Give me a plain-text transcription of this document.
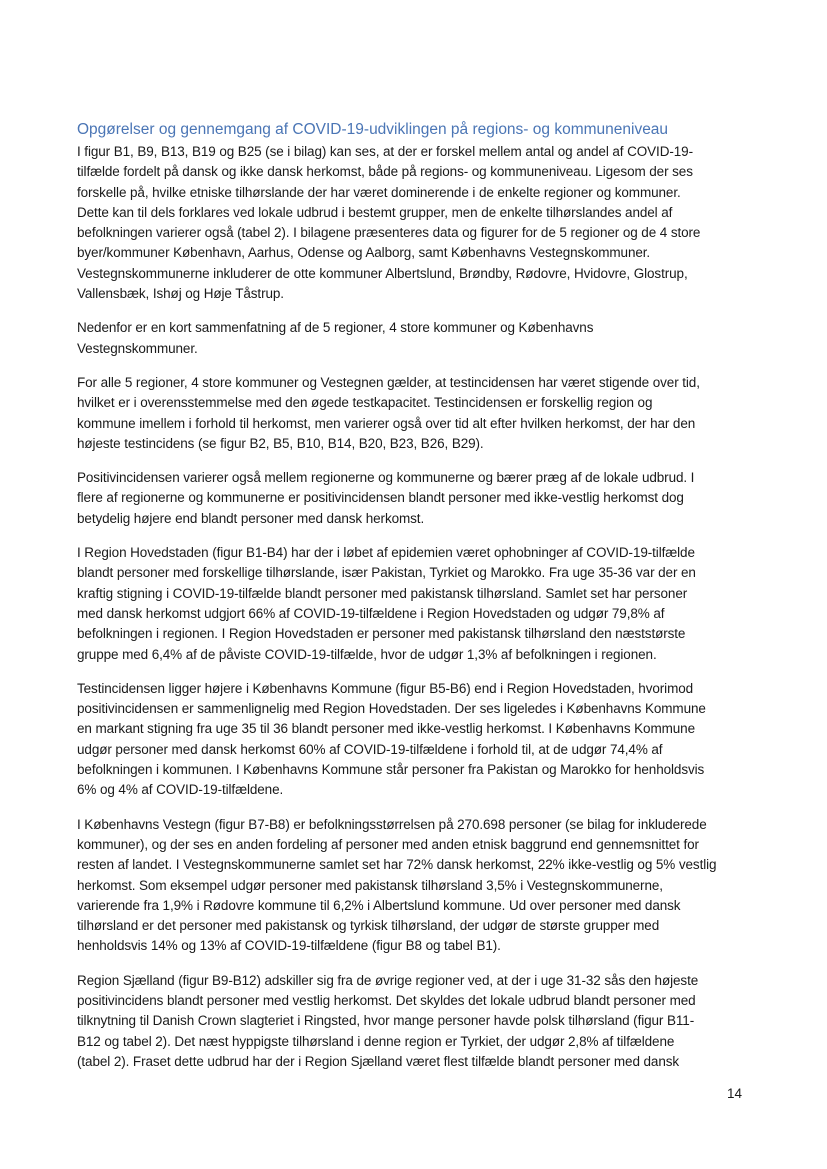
Opgørelser og gennemgang af COVID-19-udviklingen på regions- og kommuneniveau

I figur B1, B9, B13, B19 og B25 (se i bilag) kan ses, at der er forskel mellem antal og andel af COVID-19-
tilfælde fordelt på dansk og ikke dansk herkomst, både på regions- og kommuneniveau. Ligesom der ses
forskelle på, hvilke etniske tilhørslande der har været dominerende i de enkelte regioner og kommuner.
Dette kan til dels forklares ved lokale udbrud i bestemt grupper, men de enkelte tilhørslandes andel af
befolkningen varierer også (tabel 2). I bilagene præsenteres data og figurer for de 5 regioner og de 4 store
byer/kommuner København, Aarhus, Odense og Aalborg, samt Københavns Vestegnskommuner.
Vestegnskommunerne inkluderer de otte kommuner Albertslund, Brøndby, Rødovre, Hvidovre, Glostrup,
Vallensbæk, Ishøj og Høje Tåstrup.

Nedenfor er en kort sammenfatning af de 5 regioner, 4 store kommuner og Københavns
Vestegnskommuner.

For alle 5 regioner, 4 store kommuner og Vestegnen gælder, at testincidensen har været stigende over tid,
hvilket er i overensstemmelse med den øgede testkapacitet. Testincidensen er forskellig region og
kommune imellem i forhold til herkomst, men varierer også over tid alt efter hvilken herkomst, der har den
højeste testincidens (se figur B2, B5, B10, B14, B20, B23, B26, B29).

Positivincidensen varierer også mellem regionerne og kommunerne og bærer præg af de lokale udbrud. I
flere af regionerne og kommunerne er positivincidensen blandt personer med ikke-vestlig herkomst dog
betydelig højere end blandt personer med dansk herkomst.

I Region Hovedstaden (figur B1-B4) har der i løbet af epidemien været ophobninger af COVID-19-tilfælde
blandt personer med forskellige tilhørslande, især Pakistan, Tyrkiet og Marokko. Fra uge 35-36 var der en
kraftig stigning i COVID-19-tilfælde blandt personer med pakistansk tilhørsland. Samlet set har personer
med dansk herkomst udgjort 66% af COVID-19-tilfældene i Region Hovedstaden og udgør 79,8% af
befolkningen i regionen. I Region Hovedstaden er personer med pakistansk tilhørsland den næststørste
gruppe med 6,4% af de påviste COVID-19-tilfælde, hvor de udgør 1,3% af befolkningen i regionen.

Testincidensen ligger højere i Københavns Kommune (figur B5-B6) end i Region Hovedstaden, hvorimod
positivincidensen er sammenlignelig med Region Hovedstaden. Der ses ligeledes i Københavns Kommune
en markant stigning fra uge 35 til 36 blandt personer med ikke-vestlig herkomst. I Københavns Kommune
udgør personer med dansk herkomst 60% af COVID-19-tilfældene i forhold til, at de udgør 74,4% af
befolkningen i kommunen. I Københavns Kommune står personer fra Pakistan og Marokko for henholdsvis
6% og 4% af COVID-19-tilfældene.

I Københavns Vestegn (figur B7-B8) er befolkningsstørrelsen på 270.698 personer (se bilag for inkluderede
kommuner), og der ses en anden fordeling af personer med anden etnisk baggrund end gennemsnittet for
resten af landet. I Vestegnskommunerne samlet set har 72% dansk herkomst, 22% ikke-vestlig og 5% vestlig
herkomst. Som eksempel udgør personer med pakistansk tilhørsland 3,5% i Vestegnskommunerne,
varierende fra 1,9% i Rødovre kommune til 6,2% i Albertslund kommune. Ud over personer med dansk
tilhørsland er det personer med pakistansk og tyrkisk tilhørsland, der udgør de største grupper med
henholdsvis 14% og 13% af COVID-19-tilfældene (figur B8 og tabel B1).

Region Sjælland (figur B9-B12) adskiller sig fra de øvrige regioner ved, at der i uge 31-32 sås den højeste
positivincidens blandt personer med vestlig herkomst. Det skyldes det lokale udbrud blandt personer med
tilknytning til Danish Crown slagteriet i Ringsted, hvor mange personer havde polsk tilhørsland (figur B11-
B12 og tabel 2). Det næst hyppigste tilhørsland i denne region er Tyrkiet, der udgør 2,8% af tilfældene
(tabel 2). Fraset dette udbrud har der i Region Sjælland været flest tilfælde blandt personer med dansk

14
